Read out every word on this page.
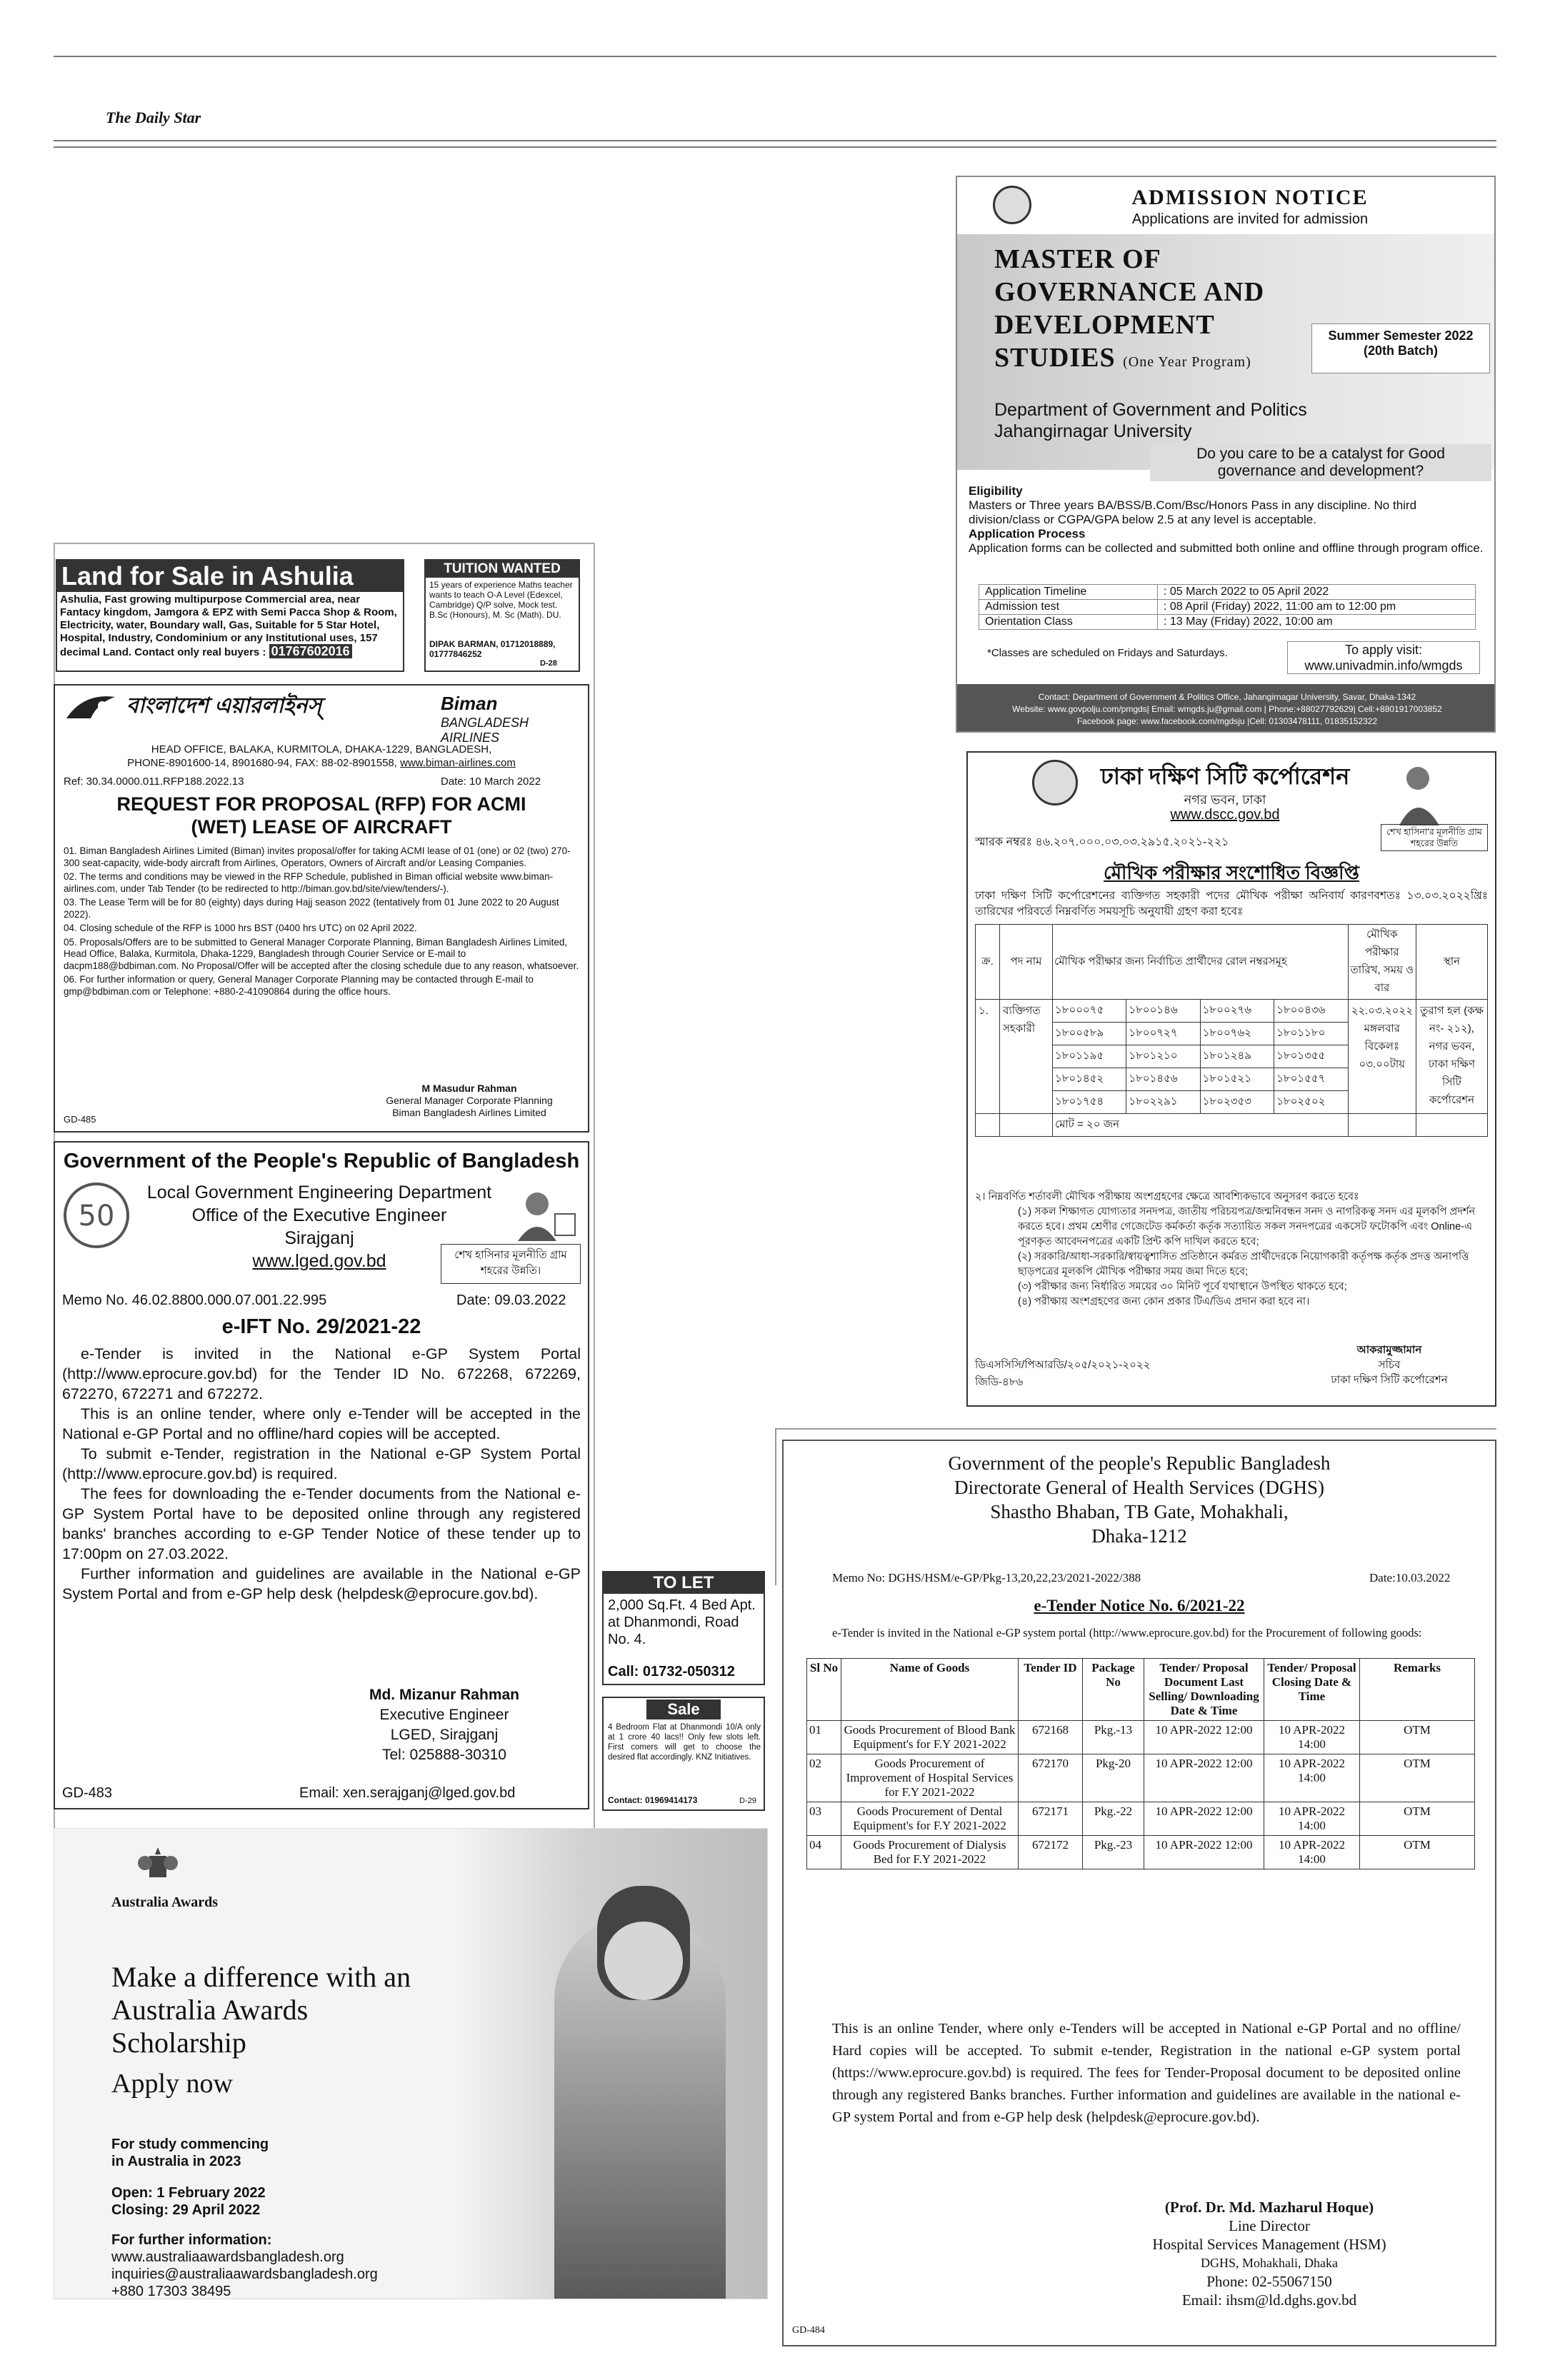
The Daily Star
ADMISSION NOTICE
Applications are invited for admission
MASTER OF
GOVERNANCE AND
DEVELOPMENT
STUDIES (One Year Program)
Summer Semester 2022
(20th Batch)
Department of Government and Politics
Jahangirnagar University
Do you care to be a catalyst for Good governance and development?
Eligibility
Masters or Three years BA/BSS/B.Com/Bsc/Honors Pass in any discipline. No third division/class or CGPA/GPA below 2.5 at any level is acceptable.
Application Process
Application forms can be collected and submitted both online and offline through program office.
Application Timeline	: 05 March 2022 to 05 April 2022
Admission test	: 08 April (Friday) 2022, 11:00 am to 12:00 pm
Orientation Class	: 13 May (Friday) 2022, 10:00 am
*Classes are scheduled on Fridays and Saturdays.	To apply visit:
www.univadmin.info/wmgds
Contact: Department of Government & Politics Office, Jahangirnagar University, Savar, Dhaka-1342
Website: www.govpolju.com/pmgds| Email: wmgds.ju@gmail.com | Phone:+88027792629| Cell:+8801917003852
Facebook page: www.facebook.com/mgdsju |Cell: 01303478111, 01835152322
Land for Sale in Ashulia
Ashulia, Fast growing multipurpose Commercial area, near Fantacy kingdom, Jamgora & EPZ with Semi Pacca Shop & Room, Electricity, water, Boundary wall, Gas, Suitable for 5 Star Hotel, Hospital, Industry, Condominium or any Institutional uses, 157 decimal Land. Contact only real buyers : 01767602016
TUITION WANTED
15 years of experience Maths teacher wants to teach O-A Level (Edexcel, Cambridge) Q/P solve, Mock test. B.Sc (Honours), M. Sc (Math). DU.
DIPAK BARMAN, 01712018889, 01777846252
D-28
বাংলাদেশ এয়ারলাইনস্	Biman
BANGLADESH AIRLINES
HEAD OFFICE, BALAKA, KURMITOLA, DHAKA-1229, BANGLADESH,
PHONE-8901600-14, 8901680-94, FAX: 88-02-8901558, www.biman-airlines.com
Ref: 30.34.0000.011.RFP188.2022.13	Date: 10 March 2022
REQUEST FOR PROPOSAL (RFP) FOR ACMI
(WET) LEASE OF AIRCRAFT
01. Biman Bangladesh Airlines Limited (Biman) invites proposal/offer for taking ACMI lease of 01 (one) or 02 (two) 270-300 seat-capacity, wide-body aircraft from Airlines, Operators, Owners of Aircraft and/or Leasing Companies.
02. The terms and conditions may be viewed in the RFP Schedule, published in Biman official website www.biman-airlines.com, under Tab Tender (to be redirected to http://biman.gov.bd/site/view/tenders/-).
03. The Lease Term will be for 80 (eighty) days during Hajj season 2022 (tentatively from 01 June 2022 to 20 August 2022).
04. Closing schedule of the RFP is 1000 hrs BST (0400 hrs UTC) on 02 April 2022.
05. Proposals/Offers are to be submitted to General Manager Corporate Planning, Biman Bangladesh Airlines Limited, Head Office, Balaka, Kurmitola, Dhaka-1229, Bangladesh through Courier Service or E-mail to dacpm188@bdbiman.com. No Proposal/Offer will be accepted after the closing schedule due to any reason, whatsoever.
06. For further information or query, General Manager Corporate Planning may be contacted through E-mail to gmp@bdbiman.com or Telephone: +880-2-41090864 during the office hours.
M Masudur Rahman
General Manager Corporate Planning
Biman Bangladesh Airlines Limited
GD-485
Government of the People's Republic of Bangladesh
50
Local Government Engineering Department
Office of the Executive Engineer
Sirajganj
www.lged.gov.bd	শেখ হাসিনার মূলনীতি গ্রাম শহরের উন্নতি।
Memo No. 46.02.8800.000.07.001.22.995	Date: 09.03.2022
e-IFT No. 29/2021-22
e-Tender is invited in the National e-GP System Portal (http://www.eprocure.gov.bd) for the Tender ID No. 672268, 672269, 672270, 672271 and 672272.
This is an online tender, where only e-Tender will be accepted in the National e-GP Portal and no offline/hard copies will be accepted.
To submit e-Tender, registration in the National e-GP System Portal (http://www.eprocure.gov.bd) is required.
The fees for downloading the e-Tender documents from the National e-GP System Portal have to be deposited online through any registered banks' branches according to e-GP Tender Notice of these tender up to 17:00pm on 27.03.2022.
Further information and guidelines are available in the National e-GP System Portal and from e-GP help desk (helpdesk@eprocure.gov.bd).
Md. Mizanur Rahman
Executive Engineer
LGED, Sirajganj
Tel: 025888-30310
GD-483	Email: xen.serajganj@lged.gov.bd
TO LET
2,000 Sq.Ft. 4 Bed Apt. at Dhanmondi, Road No. 4.
Call: 01732-050312
Sale
4 Bedroom Flat at Dhanmondi 10/A only at 1 crore 40 lacs!! Only few slots left. First comers will get to choose the desired flat accordingly. KNZ Initiatives.
Contact: 01969414173	D-29
Australia Awards
Make a difference with an Australia Awards Scholarship
Apply now
For study commencing
in Australia in 2023
Open: 1 February 2022
Closing: 29 April 2022
For further information:
www.australiaawardsbangladesh.org
inquiries@australiaawardsbangladesh.org
+880 17303 38495
ঢাকা দক্ষিণ সিটি কর্পোরেশন
নগর ভবন, ঢাকা
www.dscc.gov.bd
শেখ হাসিনা'র মূলনীতি গ্রাম শহরের উন্নতি
স্মারক নম্বরঃ ৪৬.২০৭.০০০.০৩.০৩.২৯১৫.২০২১-২২১
মৌখিক পরীক্ষার সংশোধিত বিজ্ঞপ্তি
ঢাকা দক্ষিণ সিটি কর্পোরেশনের ব্যক্তিগত সহকারী পদের মৌখিক পরীক্ষা অনিবার্য কারণবশতঃ ১৩.০৩.২০২২খ্রিঃ তারিখের পরিবর্তে নিম্নবর্ণিত সময়সূচি অনুযায়ী গ্রহণ করা হবেঃ
ক্র.	পদ নাম	মৌখিক পরীক্ষার জন্য নির্বাচিত প্রার্থীদের রোল নম্বরসমূহ				মৌখিক পরীক্ষার তারিখ, সময় ও বার	স্থান
১.	ব্যক্তিগত সহকারী	১৮০০০৭৫	১৮০০১৪৬	১৮০০২৭৬	১৮০০৪৩৬	২২.০৩.২০২২ মঙ্গলবার বিকেলঃ ০৩.০০টায়	তুরাগ হল (কক্ষ নং- ২১২), নগর ভবন, ঢাকা দক্ষিণ সিটি কর্পোরেশন
		১৮০০৫৮৯	১৮০০৭২৭	১৮০০৭৬২	১৮০১১৮০		
		১৮০১১৯৫	১৮০১২১০	১৮০১২৪৯	১৮০১৩৫৫		
		১৮০১৪৫২	১৮০১৪৫৬	১৮০১৫২১	১৮০১৫৫৭		
		১৮০১৭৫৪	১৮০২২৯১	১৮০২৩৫৩	১৮০২৫০২		
		মোট = ২০ জন					
২। নিম্নবর্ণিত শর্তাবলী মৌখিক পরীক্ষায় অংশগ্রহণের ক্ষেত্রে আবশ্যিকভাবে অনুসরণ করতে হবেঃ
(১) সকল শিক্ষাগত যোগ্যতার সনদপত্র, জাতীয় পরিচয়পত্র/জন্মনিবন্ধন সনদ ও নাগরিকত্ব সনদ এর মূলকপি প্রদর্শন করতে হবে। প্রথম শ্রেণীর গেজেটেড কর্মকর্তা কর্তৃক সত্যায়িত সকল সনদপত্রের একসেট ফটোকপি এবং Online-এ পূরণকৃত আবেদনপত্রের একটি প্রিন্ট কপি দাখিল করতে হবে;
(২) সরকারি/আধা-সরকারি/স্বায়ত্বশাসিত প্রতিষ্ঠানে কর্মরত প্রার্থীদেরকে নিয়োগকারী কর্তৃপক্ষ কর্তৃক প্রদত্ত অনাপত্তি ছাড়পত্রের মূলকপি মৌখিক পরীক্ষার সময় জমা দিতে হবে;
(৩) পরীক্ষার জন্য নির্ধারিত সময়ের ৩০ মিনিট পূর্বে যথাস্থানে উপস্থিত থাকতে হবে;
(৪) পরীক্ষায় অংশগ্রহণের জন্য কোন প্রকার টিএ/ডিএ প্রদান করা হবে না।
আকরামুজ্জামান
সচিব
ঢাকা দক্ষিণ সিটি কর্পোরেশন
ডিএসসিসি/পিআরডি/২০৫/২০২১-২০২২
জিডি-৪৮৬
Government of the people's Republic Bangladesh
Directorate General of Health Services (DGHS)
Shastho Bhaban, TB Gate, Mohakhali,
Dhaka-1212
Memo No: DGHS/HSM/e-GP/Pkg-13,20,22,23/2021-2022/388	Date:10.03.2022
e-Tender Notice No. 6/2021-22
e-Tender is invited in the National e-GP system portal (http://www.eprocure.gov.bd) for the Procurement of following goods:
Sl No	Name of Goods	Tender ID	Package No	Tender/ Proposal Document Last Selling/ Downloading Date & Time	Tender/ Proposal Closing Date & Time	Remarks
01	Goods Procurement of Blood Bank Equipment's for F.Y 2021-2022	672168	Pkg.-13	10 APR-2022 12:00	10 APR-2022 14:00	OTM
02	Goods Procurement of Improvement of Hospital Services for F.Y 2021-2022	672170	Pkg-20	10 APR-2022 12:00	10 APR-2022 14:00	OTM
03	Goods Procurement of Dental Equipment's for F.Y 2021-2022	672171	Pkg.-22	10 APR-2022 12:00	10 APR-2022 14:00	OTM
04	Goods Procurement of Dialysis Bed for F.Y 2021-2022	672172	Pkg.-23	10 APR-2022 12:00	10 APR-2022 14:00	OTM
This is an online Tender, where only e-Tenders will be accepted in National e-GP Portal and no offline/ Hard copies will be accepted. To submit e-tender, Registration in the national e-GP system portal (https://www.eprocure.gov.bd) is required. The fees for Tender-Proposal document to be deposited online through any registered Banks branches. Further information and guidelines are available in the national e-GP system Portal and from e-GP help desk (helpdesk@eprocure.gov.bd).
(Prof. Dr. Md. Mazharul Hoque)
Line Director
Hospital Services Management (HSM)
DGHS, Mohakhali, Dhaka
Phone: 02-55067150
Email: ihsm@ld.dghs.gov.bd
GD-484
